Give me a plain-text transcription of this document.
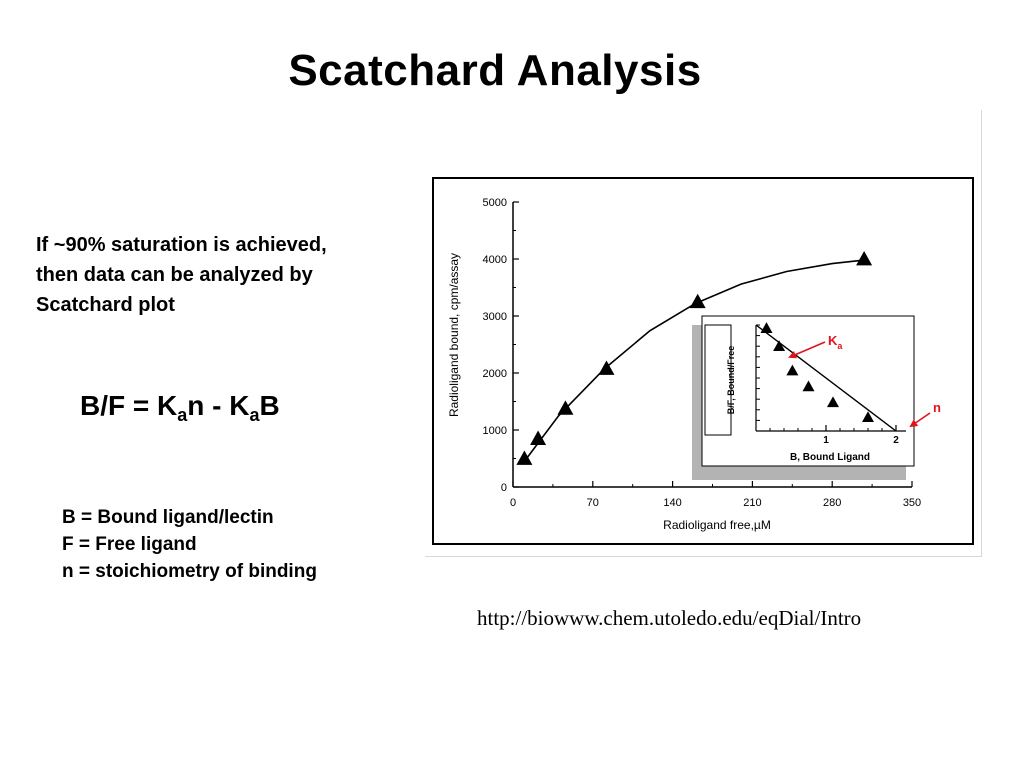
Scatchard Analysis
If ~90% saturation is achieved,
then data can be analyzed by
Scatchard plot
$B/F = K_an - K_aB$
B = Bound ligand/lectin
F = Free ligand
n = stoichiometry of binding
http://biowww.chem.utoledo.edu/eqDial/Intro
0
1000
2000
3000
4000
5000
0	70	140	210	280	350
Radioligand free,µM
Radioligand bound, cpm/assay	B/F, Bound/Free
1	2
B, Bound Ligand
$K_a$
n
